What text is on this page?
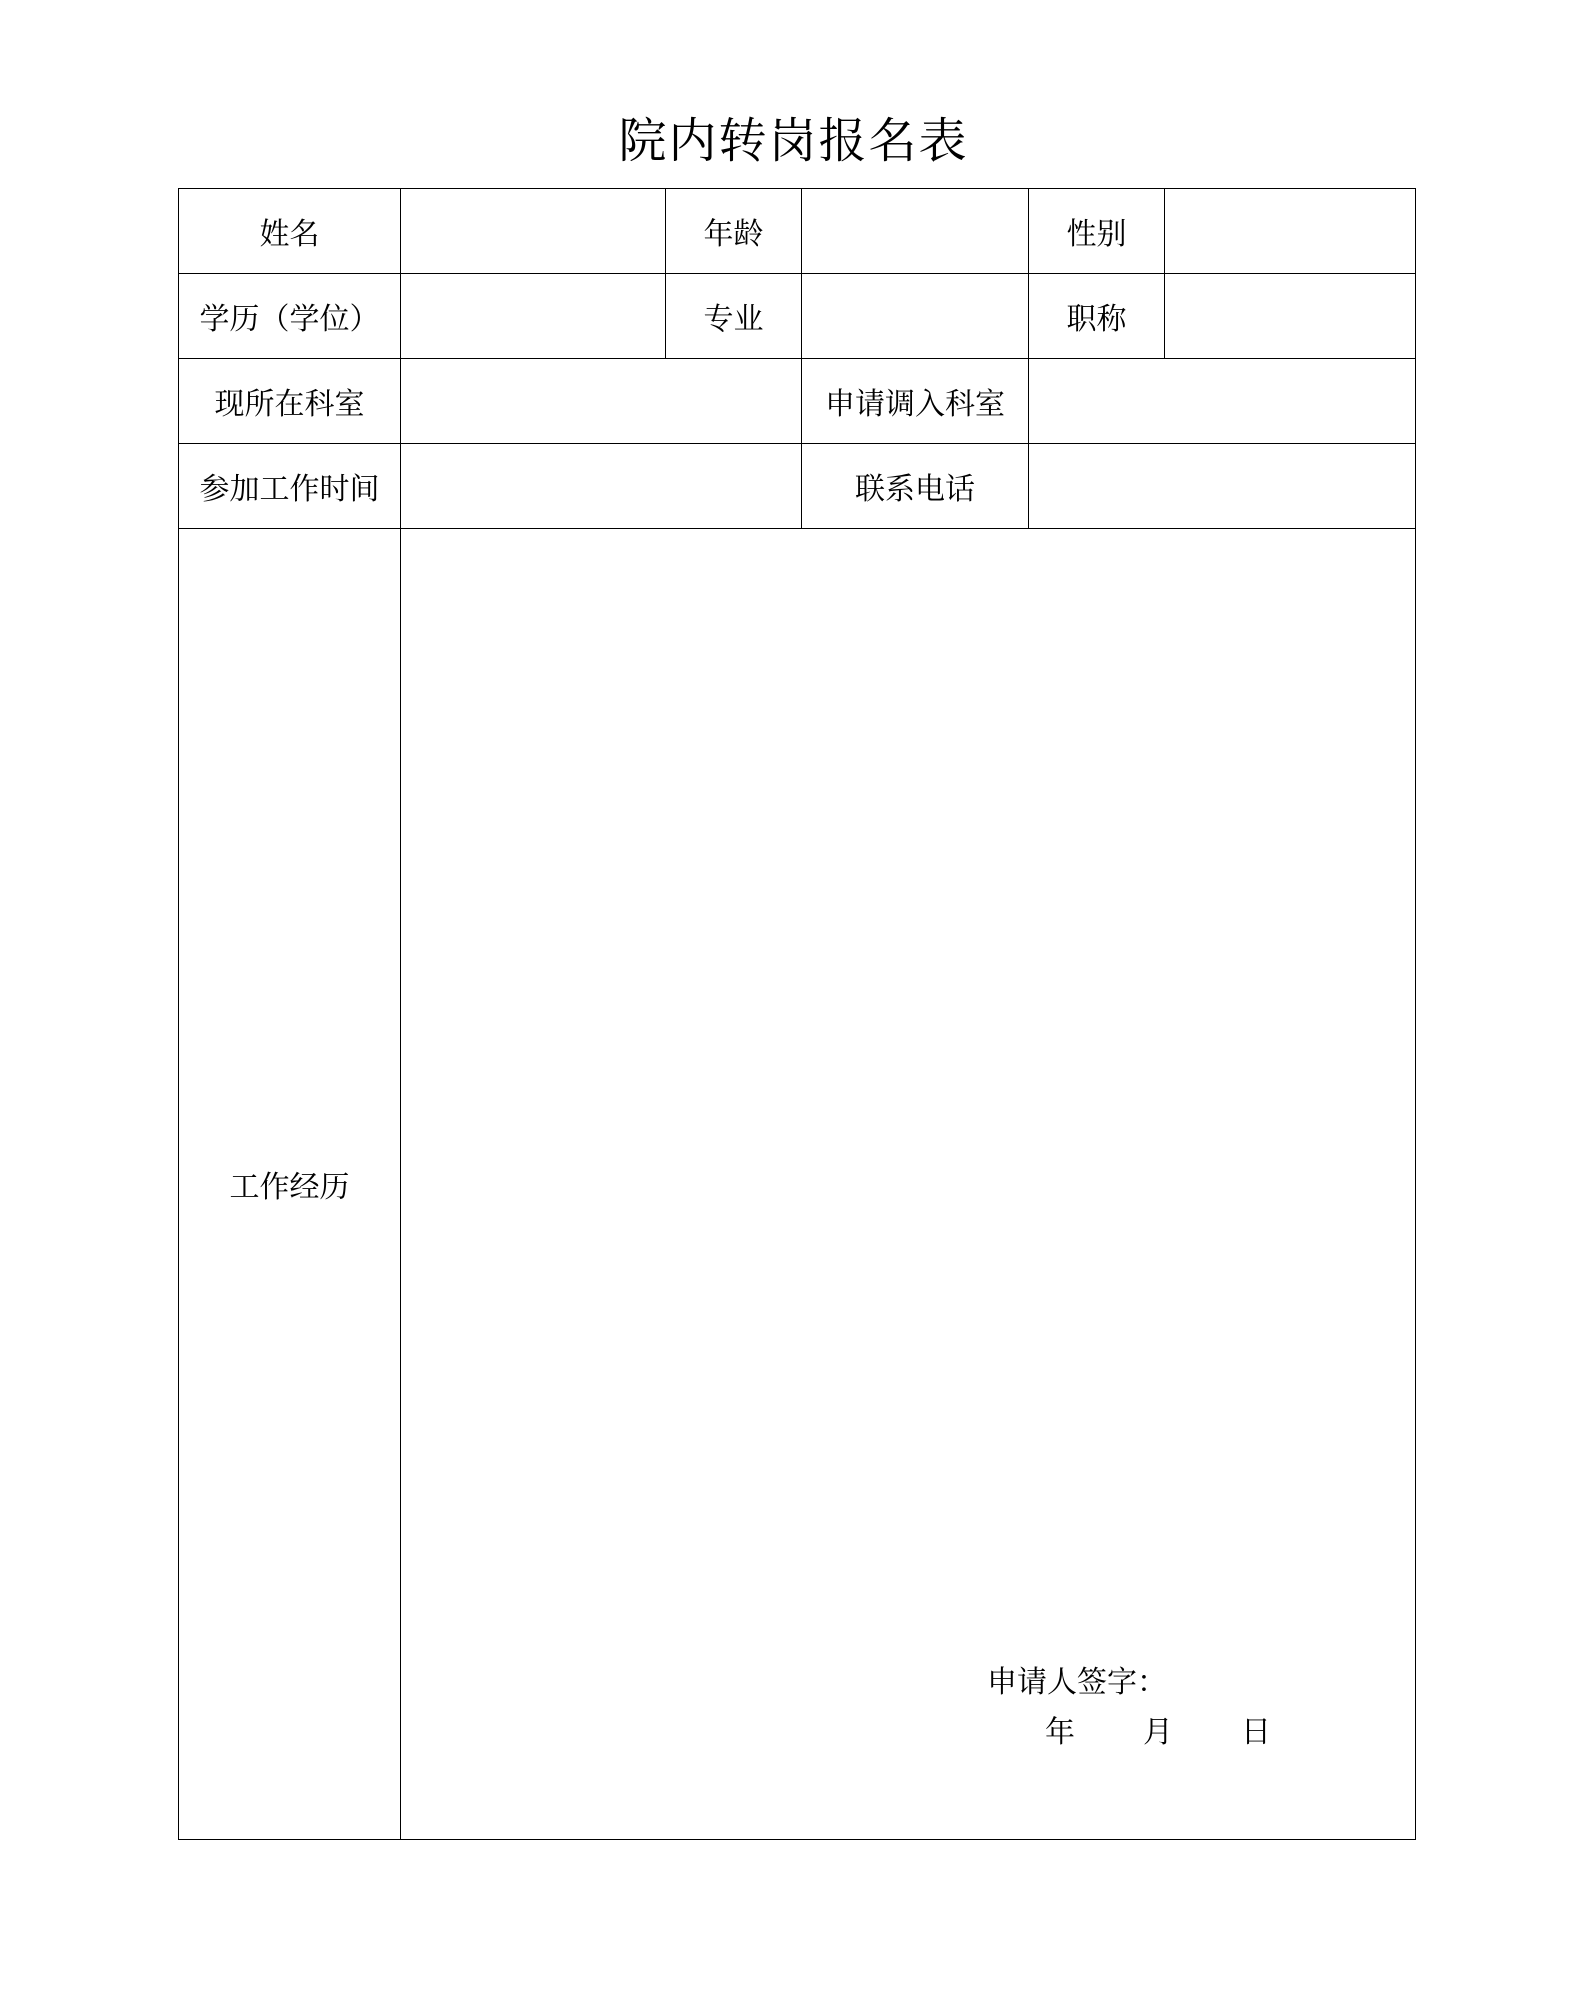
院内转岗报名表
姓名		年龄		性别	

学历（学位）		专业		职称	

现所在科室			申请调入科室		

参加工作时间			联系电话		

工作经历	申请人签字：
年 月 日				
